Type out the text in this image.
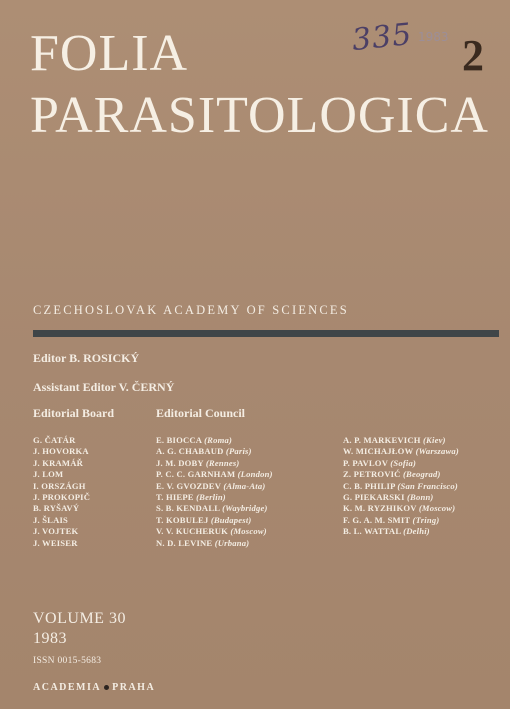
FOLIA
PARASITOLOGICA
335 1983 2
CZECHOSLOVAK ACADEMY OF SCIENCES
Editor B. ROSICKÝ
Assistant Editor V. ČERNÝ
Editorial Board	Editorial Council
G. ČATÁR
J. HOVORKA
J. KRAMÁŘ
J. LOM
I. ORSZÁGH
J. PROKOPIČ
B. RYŠAVÝ
J. ŠLAIS
J. VOJTEK
J. WEISER
E. BIOCCA (Roma)
A. G. CHABAUD (Paris)
J. M. DOBY (Rennes)
P. C. C. GARNHAM (London)
E. V. GVOZDEV (Alma-Ata)
T. HIEPE (Berlin)
S. B. KENDALL (Waybridge)
T. KOBULEJ (Budapest)
V. V. KUCHERUK (Moscow)
N. D. LEVINE (Urbana)
A. P. MARKEVICH (Kiev)
W. MICHAJŁOW (Warszawa)
P. PAVLOV (Sofia)
Z. PETROVIĆ (Beograd)
C. B. PHILIP (San Francisco)
G. PIEKARSKI (Bonn)
K. M. RYZHIKOV (Moscow)
F. G. A. M. SMIT (Tring)
B. L. WATTAL (Delhi)
VOLUME 30
1983
ISSN 0015-5683
ACADEMIA PRAHA
